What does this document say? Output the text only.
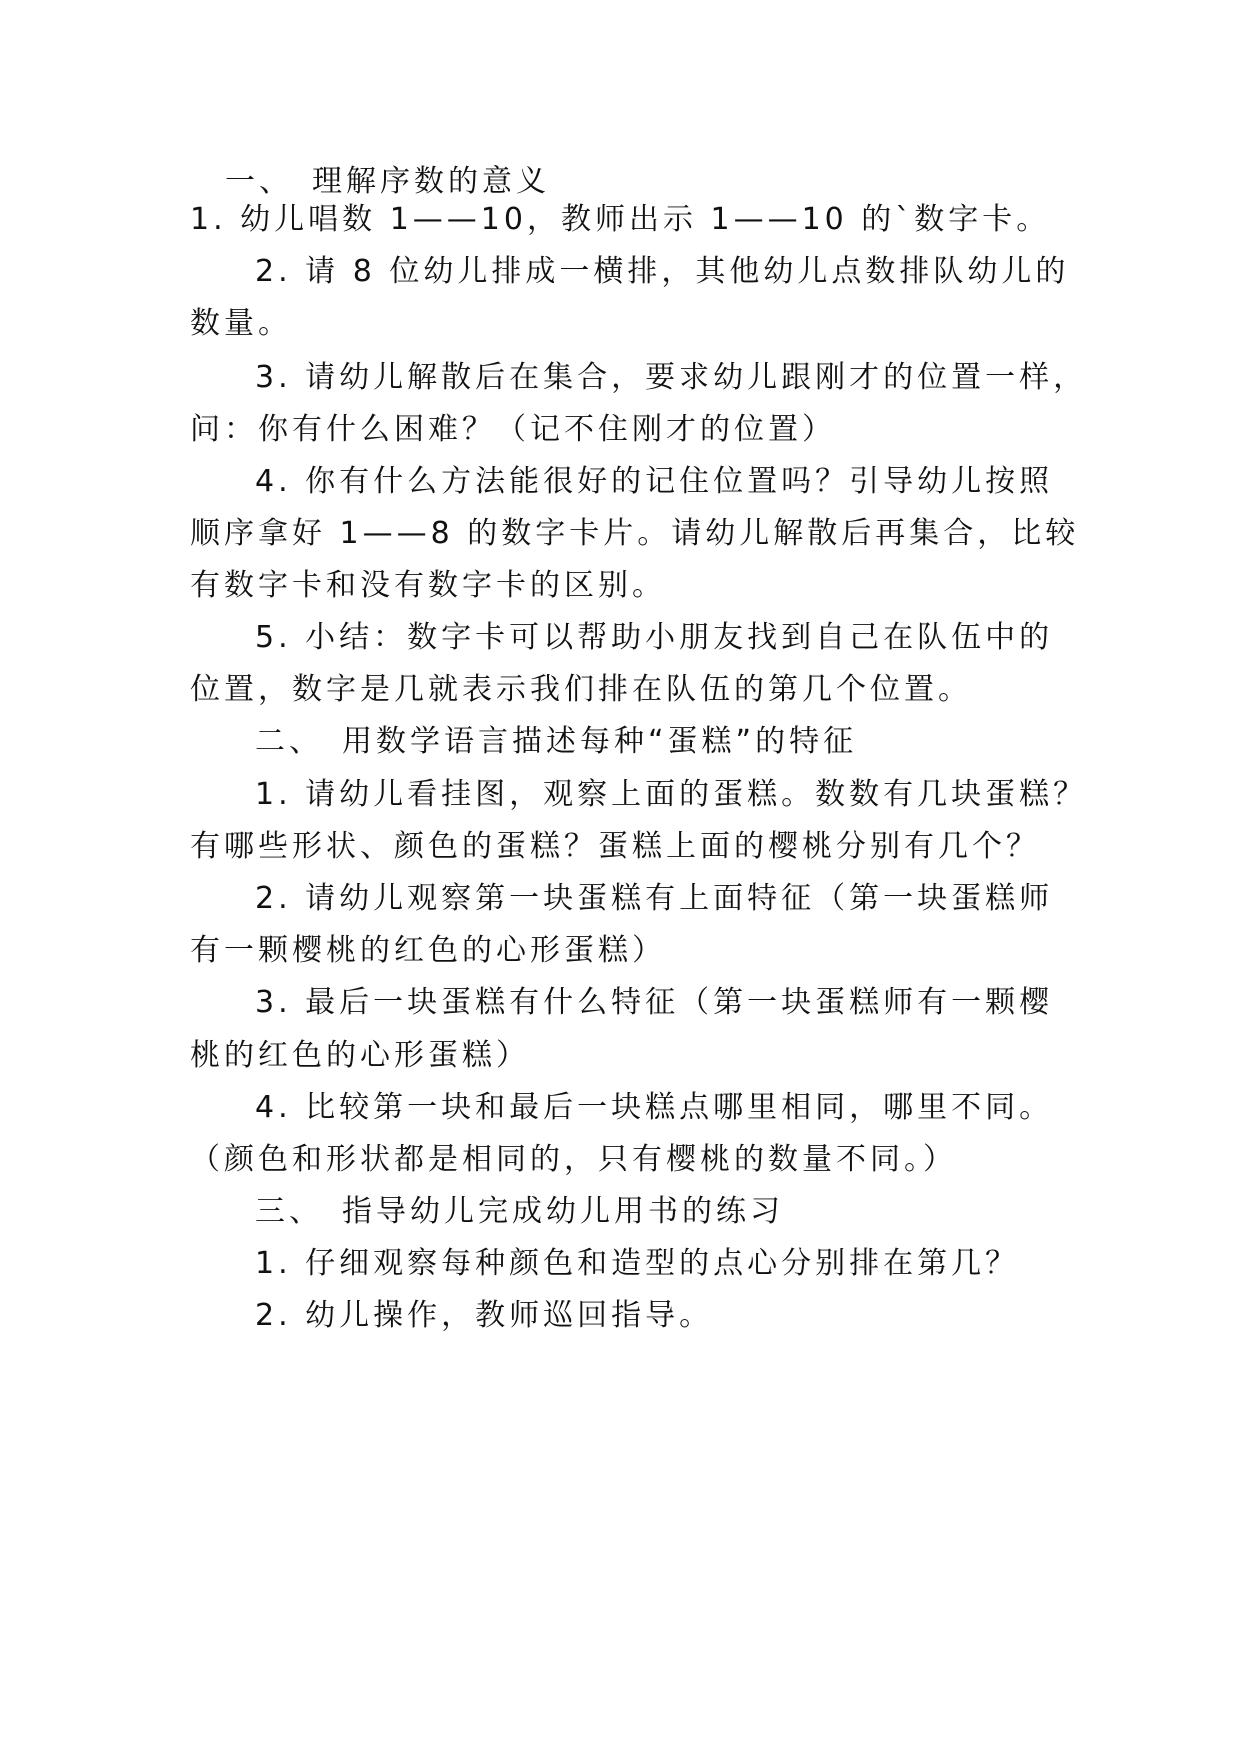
一、　理解序数的意义
1. 幼儿唱数 1——10，教师出示 1——10 的`数字卡。
2. 请 8 位幼儿排成一横排，其他幼儿点数排队幼儿的
数量。
3. 请幼儿解散后在集合，要求幼儿跟刚才的位置一样，
问：你有什么困难？（记不住刚才的位置）
4. 你有什么方法能很好的记住位置吗？引导幼儿按照
顺序拿好 1——8 的数字卡片。请幼儿解散后再集合，比较
有数字卡和没有数字卡的区别。
5. 小结：数字卡可以帮助小朋友找到自己在队伍中的
位置，数字是几就表示我们排在队伍的第几个位置。
二、　用数学语言描述每种“蛋糕”的特征
1. 请幼儿看挂图，观察上面的蛋糕。数数有几块蛋糕？
有哪些形状、颜色的蛋糕？蛋糕上面的樱桃分别有几个？
2. 请幼儿观察第一块蛋糕有上面特征（第一块蛋糕师
有一颗樱桃的红色的心形蛋糕）
3. 最后一块蛋糕有什么特征（第一块蛋糕师有一颗樱
桃的红色的心形蛋糕）
4. 比较第一块和最后一块糕点哪里相同，哪里不同。
（颜色和形状都是相同的，只有樱桃的数量不同。）
三、　指导幼儿完成幼儿用书的练习
1. 仔细观察每种颜色和造型的点心分别排在第几？
2. 幼儿操作，教师巡回指导。
